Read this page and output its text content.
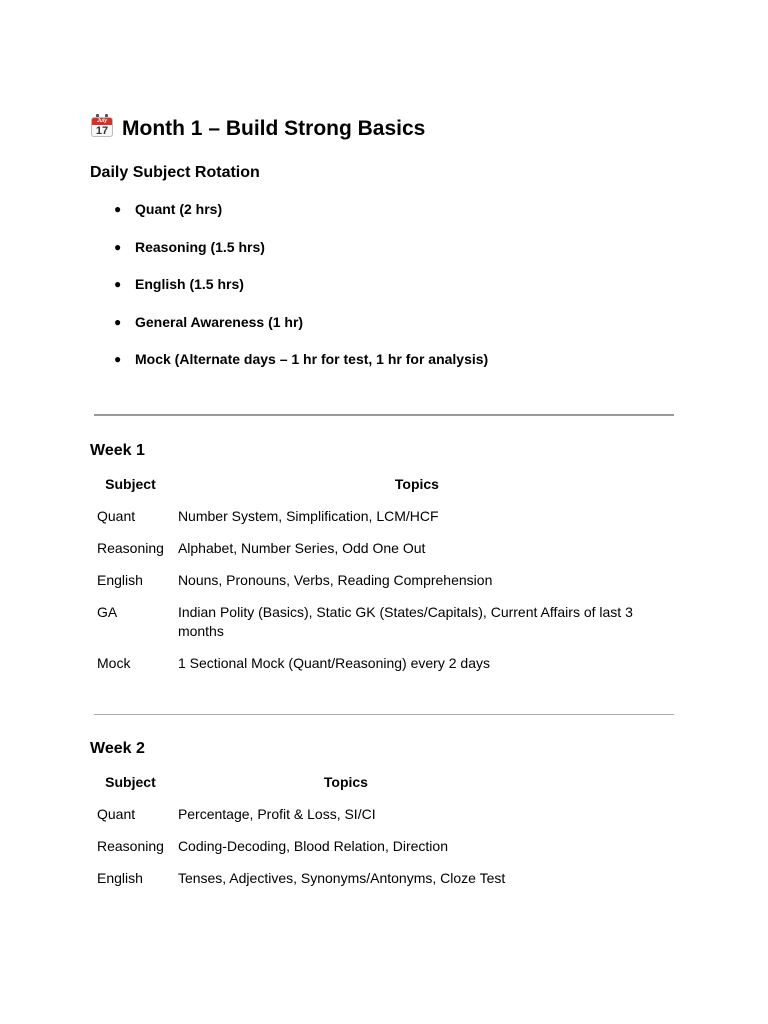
July
17 Month 1 – Build Strong Basics
Daily Subject Rotation
● Quant (2 hrs)
● Reasoning (1.5 hrs)
● English (1.5 hrs)
● General Awareness (1 hr)
● Mock (Alternate days – 1 hr for test, 1 hr for analysis)
Week 1
Subject	Topics
Quant	Number System, Simplification, LCM/HCF
Reasoning	Alphabet, Number Series, Odd One Out
English	Nouns, Pronouns, Verbs, Reading Comprehension
GA	Indian Polity (Basics), Static GK (States/Capitals), Current Affairs of last 3 months
Mock	1 Sectional Mock (Quant/Reasoning) every 2 days
Week 2
Subject	Topics
Quant	Percentage, Profit & Loss, SI/CI
Reasoning	Coding-Decoding, Blood Relation, Direction
English	Tenses, Adjectives, Synonyms/Antonyms, Cloze Test
